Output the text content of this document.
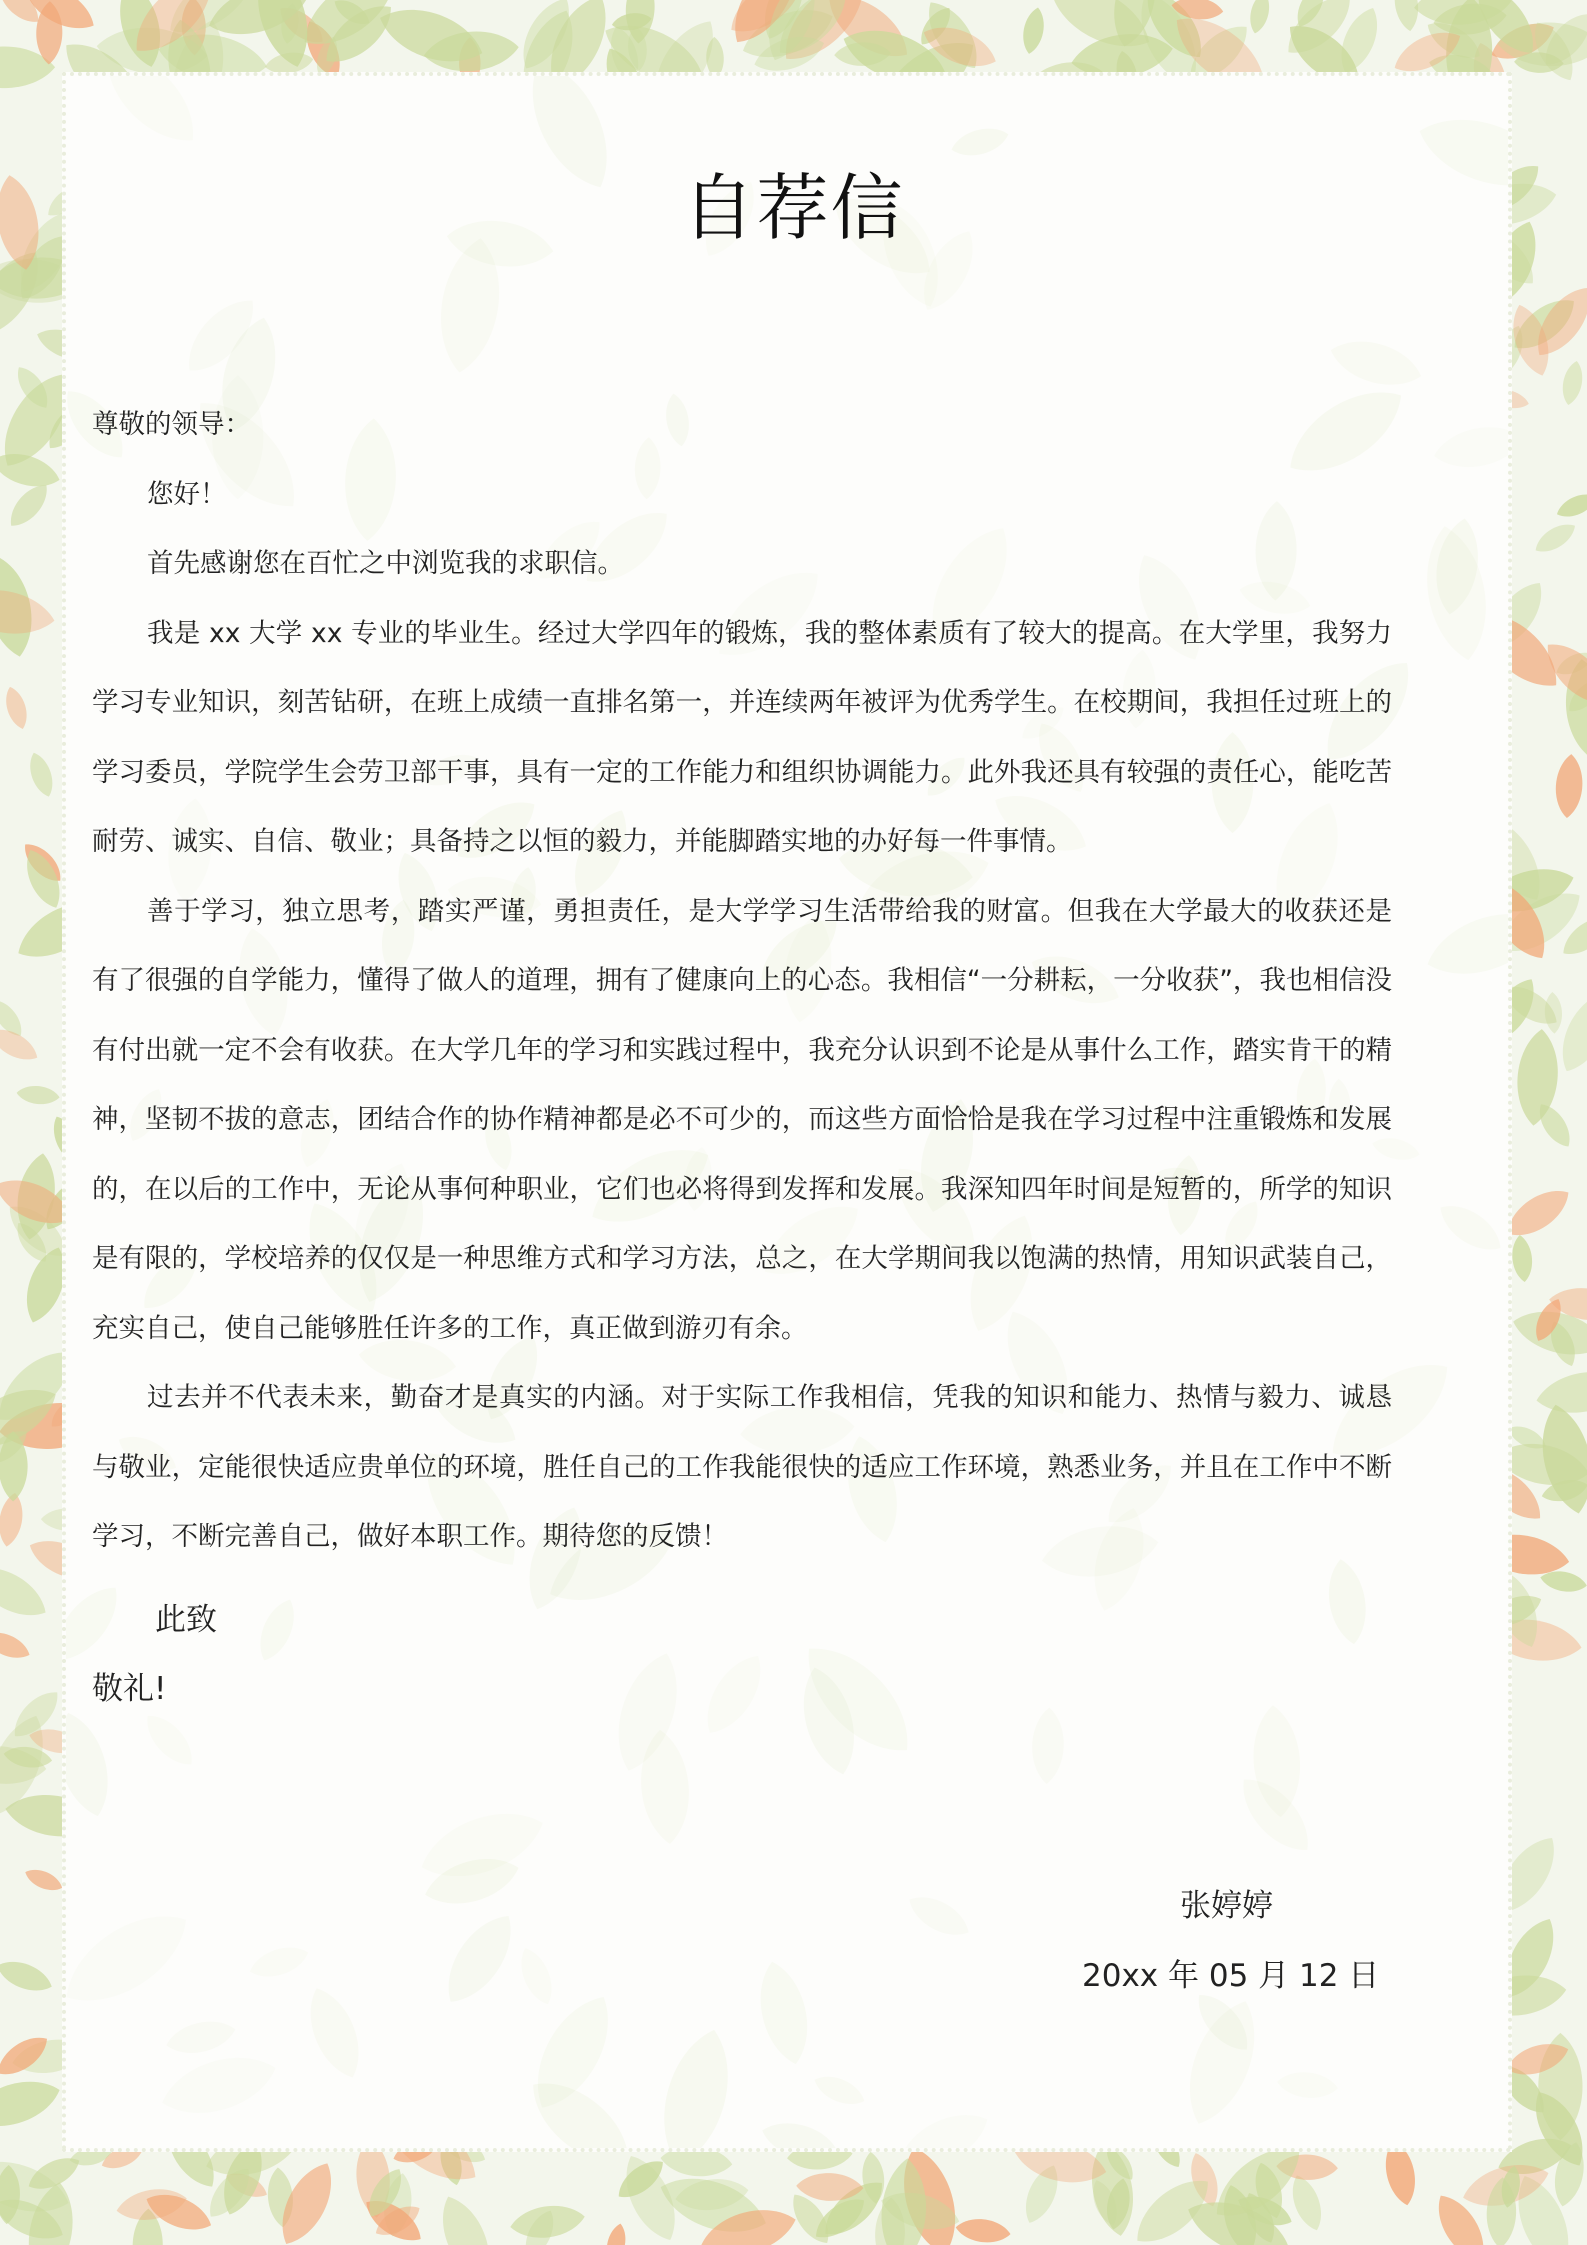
自荐信

尊敬的领导：

您好！

首先感谢您在百忙之中浏览我的求职信。

我是 xx 大学 xx 专业的毕业生。经过大学四年的锻炼，我的整体素质有了较大的提高。在大学里，我努力学习专业知识，刻苦钻研，在班上成绩一直排名第一，并连续两年被评为优秀学生。在校期间，我担任过班上的学习委员，学院学生会劳卫部干事，具有一定的工作能力和组织协调能力。此外我还具有较强的责任心，能吃苦耐劳、诚实、自信、敬业；具备持之以恒的毅力，并能脚踏实地的办好每一件事情。

善于学习，独立思考，踏实严谨，勇担责任，是大学学习生活带给我的财富。但我在大学最大的收获还是有了很强的自学能力，懂得了做人的道理，拥有了健康向上的心态。我相信“一分耕耘，一分收获”，我也相信没有付出就一定不会有收获。在大学几年的学习和实践过程中，我充分认识到不论是从事什么工作，踏实肯干的精神，坚韧不拔的意志，团结合作的协作精神都是必不可少的，而这些方面恰恰是我在学习过程中注重锻炼和发展的，在以后的工作中，无论从事何种职业，它们也必将得到发挥和发展。我深知四年时间是短暂的，所学的知识是有限的，学校培养的仅仅是一种思维方式和学习方法，总之，在大学期间我以饱满的热情，用知识武装自己，充实自己，使自己能够胜任许多的工作，真正做到游刃有余。

过去并不代表未来，勤奋才是真实的内涵。对于实际工作我相信，凭我的知识和能力、热情与毅力、诚恳与敬业，定能很快适应贵单位的环境，胜任自己的工作我能很快的适应工作环境，熟悉业务，并且在工作中不断学习，不断完善自己，做好本职工作。期待您的反馈！

此致
敬礼!
张婷婷
20xx 年 05 月 12 日
